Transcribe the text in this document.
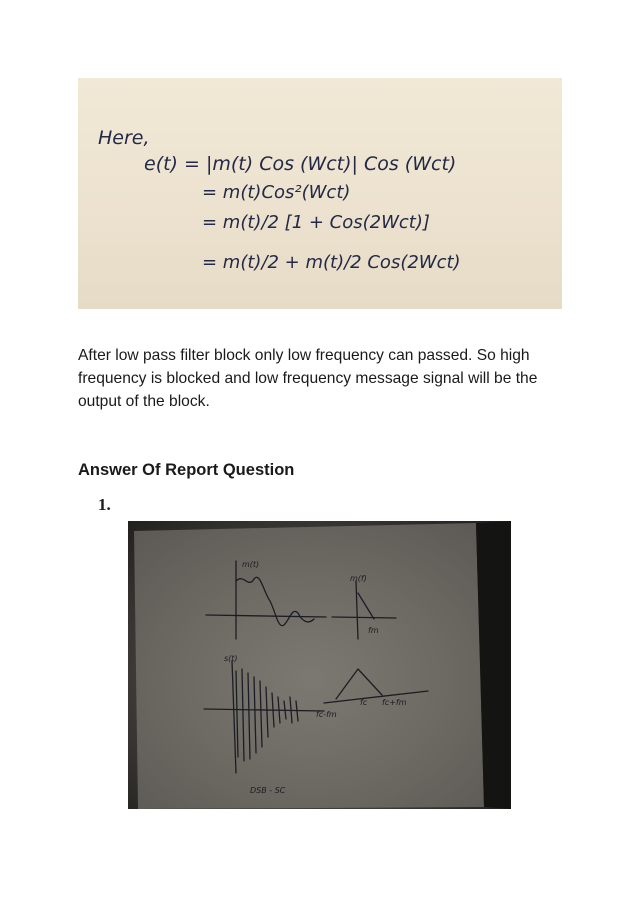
Here,
e(t) = |m(t) Cos (Wct)| Cos (Wct)
= m(t)Cos²(Wct)
= m(t)/2 [1 + Cos(2Wct)]
= m(t)/2 + m(t)/2 Cos(2Wct)

After low pass filter block only low frequency can passed. So high frequency is blocked and low frequency message signal will be the output of the block.

Answer Of Report Question

1.

m(t)
m(f)
fm
s(t)
fc-fm
fc fc+fm
DSB - SC
